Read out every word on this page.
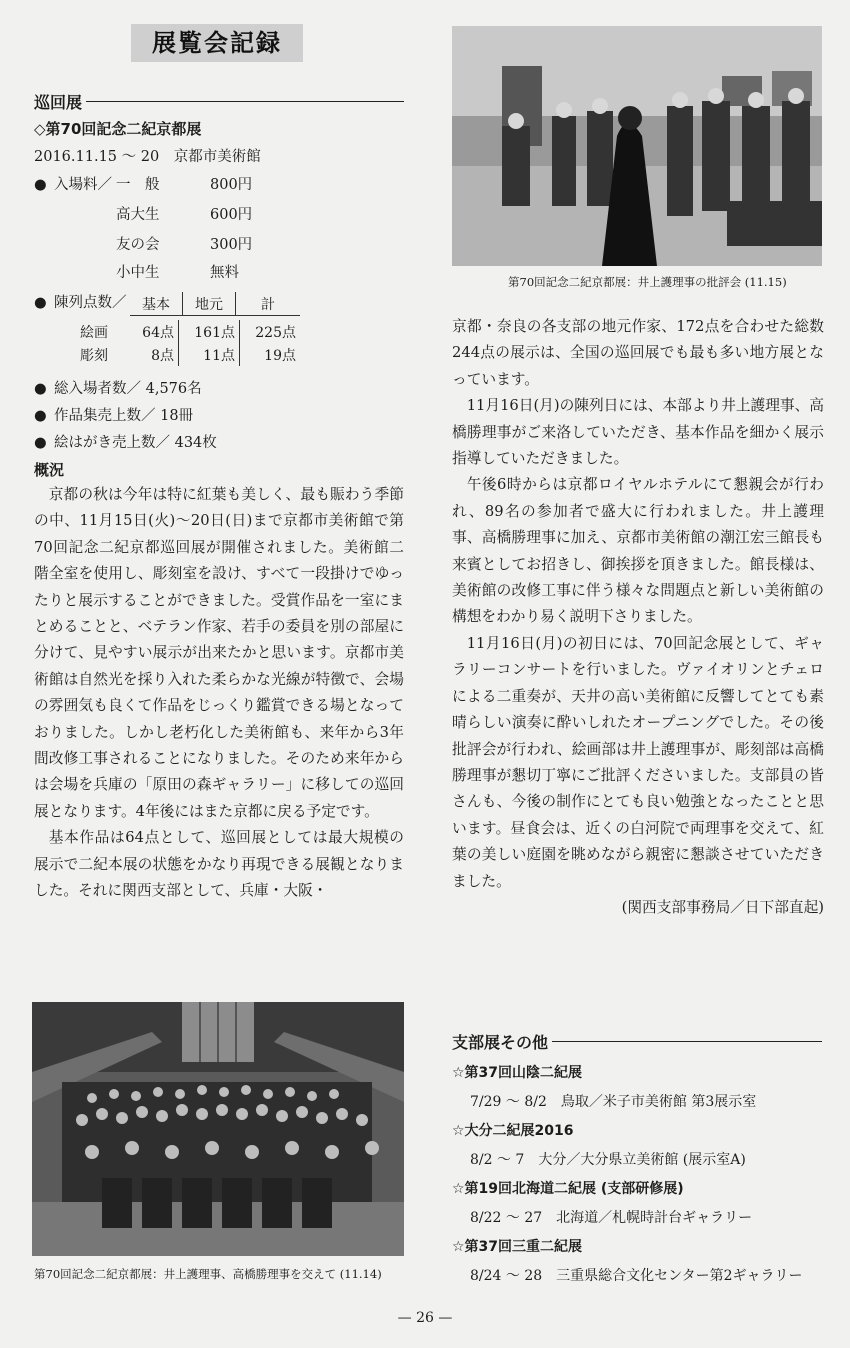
展覧会記録
巡回展
◇第70回記念二紀京都展
2016.11.15 〜 20　京都市美術館
● 入場料／ 一　般	800円
高大生	600円
友の会	300円
小中生	無料
● 陳列点数／ 基本	地元	計
絵画	64点	161点	225点
彫刻	8点	11点	19点
● 総入場者数／ 4,576名
● 作品集売上数／ 18冊
● 絵はがき売上数／ 434枚
概況

京都の秋は今年は特に紅葉も美しく、最も賑わう季節の中、11月15日(火)〜20日(日)まで京都市美術館で第70回記念二紀京都巡回展が開催されました。美術館二階全室を使用し、彫刻室を設け、すべて一段掛けでゆったりと展示することができました。受賞作品を一室にまとめることと、ベテラン作家、若手の委員を別の部屋に分けて、見やすい展示が出来たかと思います。京都市美術館は自然光を採り入れた柔らかな光線が特徴で、会場の雰囲気も良くて作品をじっくり鑑賞できる場となっておりました。しかし老朽化した美術館も、来年から3年間改修工事されることになりました。そのため来年からは会場を兵庫の「原田の森ギャラリー」に移しての巡回展となります。4年後にはまた京都に戻る予定です。

基本作品は64点として、巡回展としては最大規模の展示で二紀本展の状態をかなり再現できる展観となりました。それに関西支部として、兵庫・大阪・

第70回記念二紀京都展：井上護理事、高橋勝理事を交えて (11.14)
第70回記念二紀京都展：井上護理事の批評会 (11.15)

京都・奈良の各支部の地元作家、172点を合わせた総数244点の展示は、全国の巡回展でも最も多い地方展となっています。

11月16日(月)の陳列日には、本部より井上護理事、高橋勝理事がご来洛していただき、基本作品を細かく展示指導していただきました。

午後6時からは京都ロイヤルホテルにて懇親会が行われ、89名の参加者で盛大に行われました。井上護理事、高橋勝理事に加え、京都市美術館の潮江宏三館長も来賓としてお招きし、御挨拶を頂きました。館長様は、美術館の改修工事に伴う様々な問題点と新しい美術館の構想をわかり易く説明下さりました。

11月16日(月)の初日には、70回記念展として、ギャラリーコンサートを行いました。ヴァイオリンとチェロによる二重奏が、天井の高い美術館に反響してとても素晴らしい演奏に酔いしれたオープニングでした。その後批評会が行われ、絵画部は井上護理事が、彫刻部は高橋勝理事が懇切丁寧にご批評くださいました。支部員の皆さんも、今後の制作にとても良い勉強となったことと思います。昼食会は、近くの白河院で両理事を交えて、紅葉の美しい庭園を眺めながら親密に懇談させていただきました。

(関西支部事務局／日下部直起)

支部展その他
☆第37回山陰二紀展
7/29 〜 8/2　鳥取／米子市美術館 第3展示室
☆大分二紀展2016
8/2 〜 7　大分／大分県立美術館 (展示室A)
☆第19回北海道二紀展 (支部研修展)
8/22 〜 27　北海道／札幌時計台ギャラリー
☆第37回三重二紀展
8/24 〜 28　三重県総合文化センター第2ギャラリー
— 26 —
